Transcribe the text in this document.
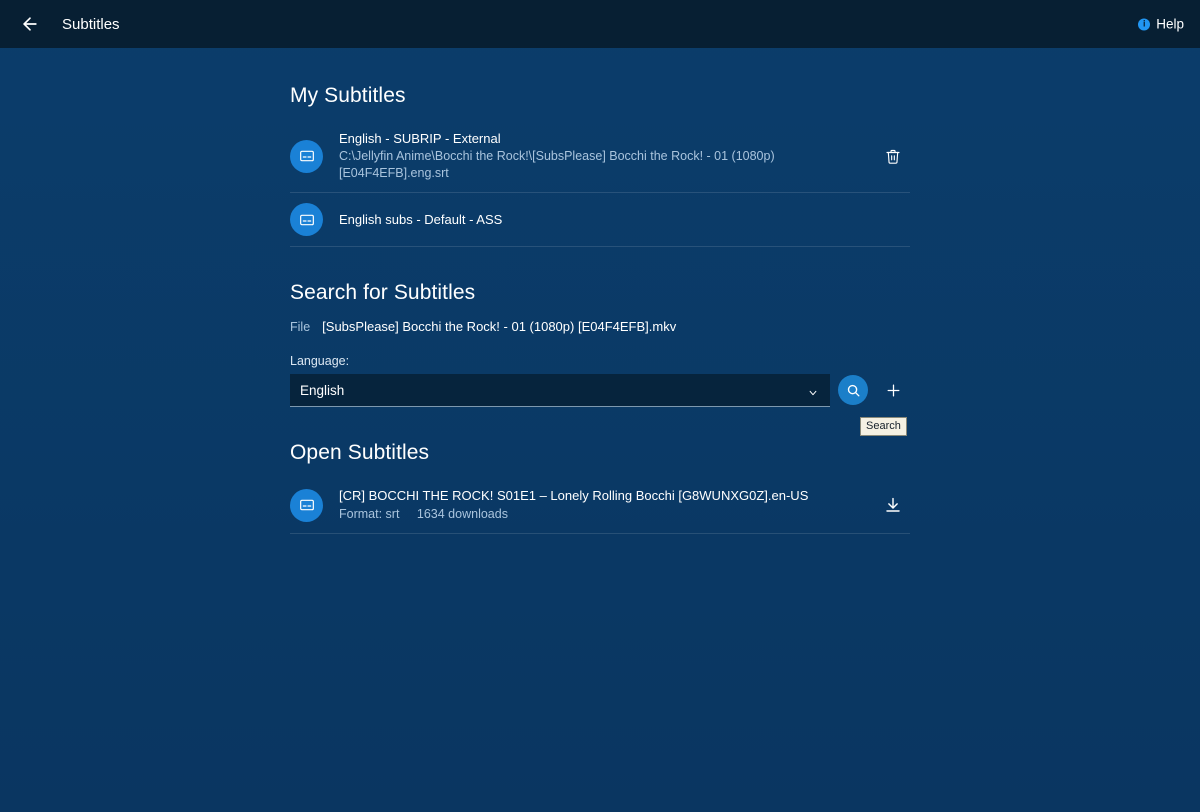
Subtitles i	Help
My Subtitles
English - SUBRIP - External
C:\Jellyfin Anime\Bocchi the Rock!\[SubsPlease] Bocchi the Rock! - 01 (1080p) [E04F4EFB].eng.srt
English subs - Default - ASS
Search for Subtitles
File [SubsPlease] Bocchi the Rock! - 01 (1080p) [E04F4EFB].mkv
Language:
English
Search
Open Subtitles
[CR] BOCCHI THE ROCK! S01E1 – Lonely Rolling Bocchi [G8WUNXG0Z].en-US
Format: srt 1634 downloads
